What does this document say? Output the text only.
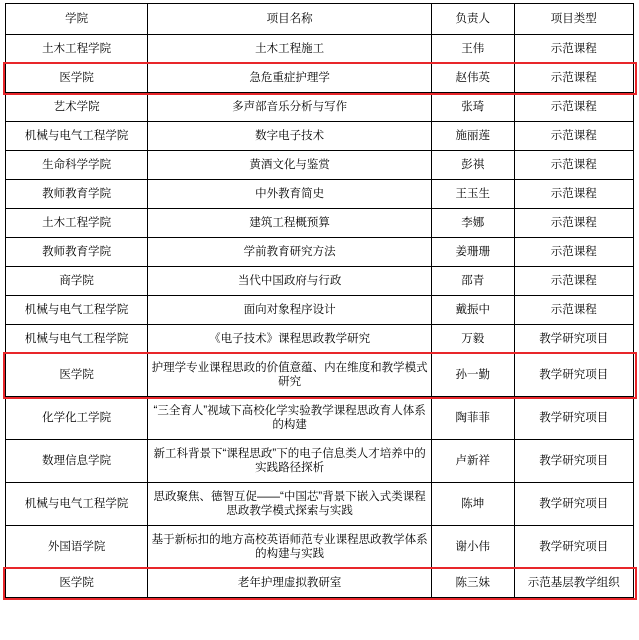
学院	项目名称	负责人	项目类型
土木工程学院	土木工程施工	王伟	示范课程
医学院	急危重症护理学	赵伟英	示范课程
艺术学院	多声部音乐分析与写作	张琦	示范课程
机械与电气工程学院	数字电子技术	施丽莲	示范课程
生命科学学院	黄酒文化与鉴赏	彭祺	示范课程
教师教育学院	中外教育简史	王玉生	示范课程
土木工程学院	建筑工程概预算	李娜	示范课程
教师教育学院	学前教育研究方法	姜珊珊	示范课程
商学院	当代中国政府与行政	邵青	示范课程
机械与电气工程学院	面向对象程序设计	戴振中	示范课程
机械与电气工程学院	《电子技术》课程思政教学研究	万毅	教学研究项目
医学院	护理学专业课程思政的价值意蕴、内在维度和教学模式研究	孙一勤	教学研究项目
化学化工学院	“三全育人”视域下高校化学实验教学课程思政育人体系的构建	陶菲菲	教学研究项目
数理信息学院	新工科背景下“课程思政”下的电子信息类人才培养中的实践路径探析	卢新祥	教学研究项目
机械与电气工程学院	思政聚焦、德智互促——“中国芯”背景下嵌入式类课程思政教学模式探索与实践	陈坤	教学研究项目
外国语学院	基于新标扣的地方高校英语师范专业课程思政教学体系的构建与实践	谢小伟	教学研究项目
医学院	老年护理虚拟教研室	陈三妹	示范基层教学组织
